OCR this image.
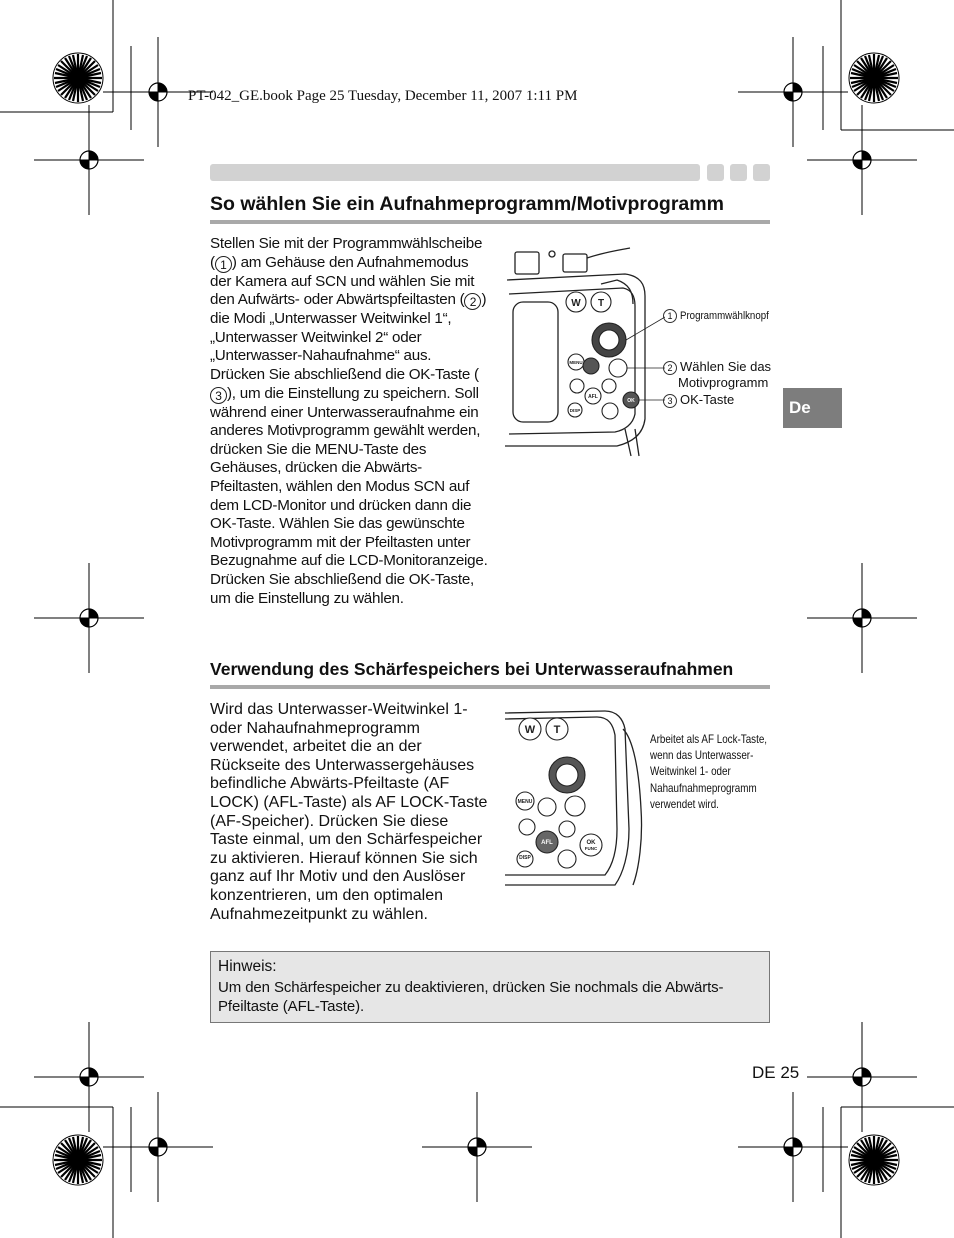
PT-042_GE.book Page 25 Tuesday, December 11, 2007 1:11 PM
So wählen Sie ein Aufnahmeprogramm/Motivprogramm

Stellen Sie mit der Programmwählscheibe ( 1 ) am Gehäuse den Aufnahmemodus der Kamera auf SCN und wählen Sie mit den Aufwärts- oder Abwärtspfeiltasten ( 2 ) die Modi „Unterwasser Weitwinkel 1“, „Unterwasser Weitwinkel 2“ oder „Unterwasser-Nahaufnahme“ aus. Drücken Sie abschließend die OK-Taste (3 ), um die Einstellung zu speichern. Soll während einer Unterwasseraufnahme ein anderes Motivprogramm gewählt werden, drücken Sie die MENU-Taste des Gehäuses, drücken die Abwärts-Pfeiltasten, wählen den Modus SCN auf dem LCD-Monitor und drücken dann die OK-Taste. Wählen Sie das gewünschte Motivprogramm mit der Pfeiltasten unter Bezugnahme auf die LCD-Monitoranzeige. Drücken Sie abschließend die OK-Taste, um die Einstellung zu wählen.

W T
MENU
AFL
OK
DISP
1 Programmwählknopf
2 Wählen Sie das
Motivprogramm
3 OK-Taste	De
Verwendung des Schärfespeichers bei Unterwasseraufnahmen
Wird das Unterwasser-Weitwinkel 1- oder Nahaufnahmeprogramm verwendet, arbeitet die an der Rückseite des Unterwassergehäuses befindliche Abwärts-Pfeiltaste (AF LOCK) (AFL-Taste) als AF LOCK-Taste (AF-Speicher). Drücken Sie diese Taste einmal, um den Schärfespeicher zu aktivieren. Hierauf können Sie sich ganz auf Ihr Motiv und den Auslöser konzentrieren, um den optimalen Aufnahmezeitpunkt zu wählen.
W T
MENU
AFL	OK
FUNC
DISP
Arbeitet als AF Lock-Taste, wenn das Unterwasser-Weitwinkel 1- oder Nahaufnahmeprogramm verwendet wird.
Hinweis:
Um den Schärfespeicher zu deaktivieren, drücken Sie nochmals die Abwärts-Pfeiltaste (AFL-Taste).
DE 25
